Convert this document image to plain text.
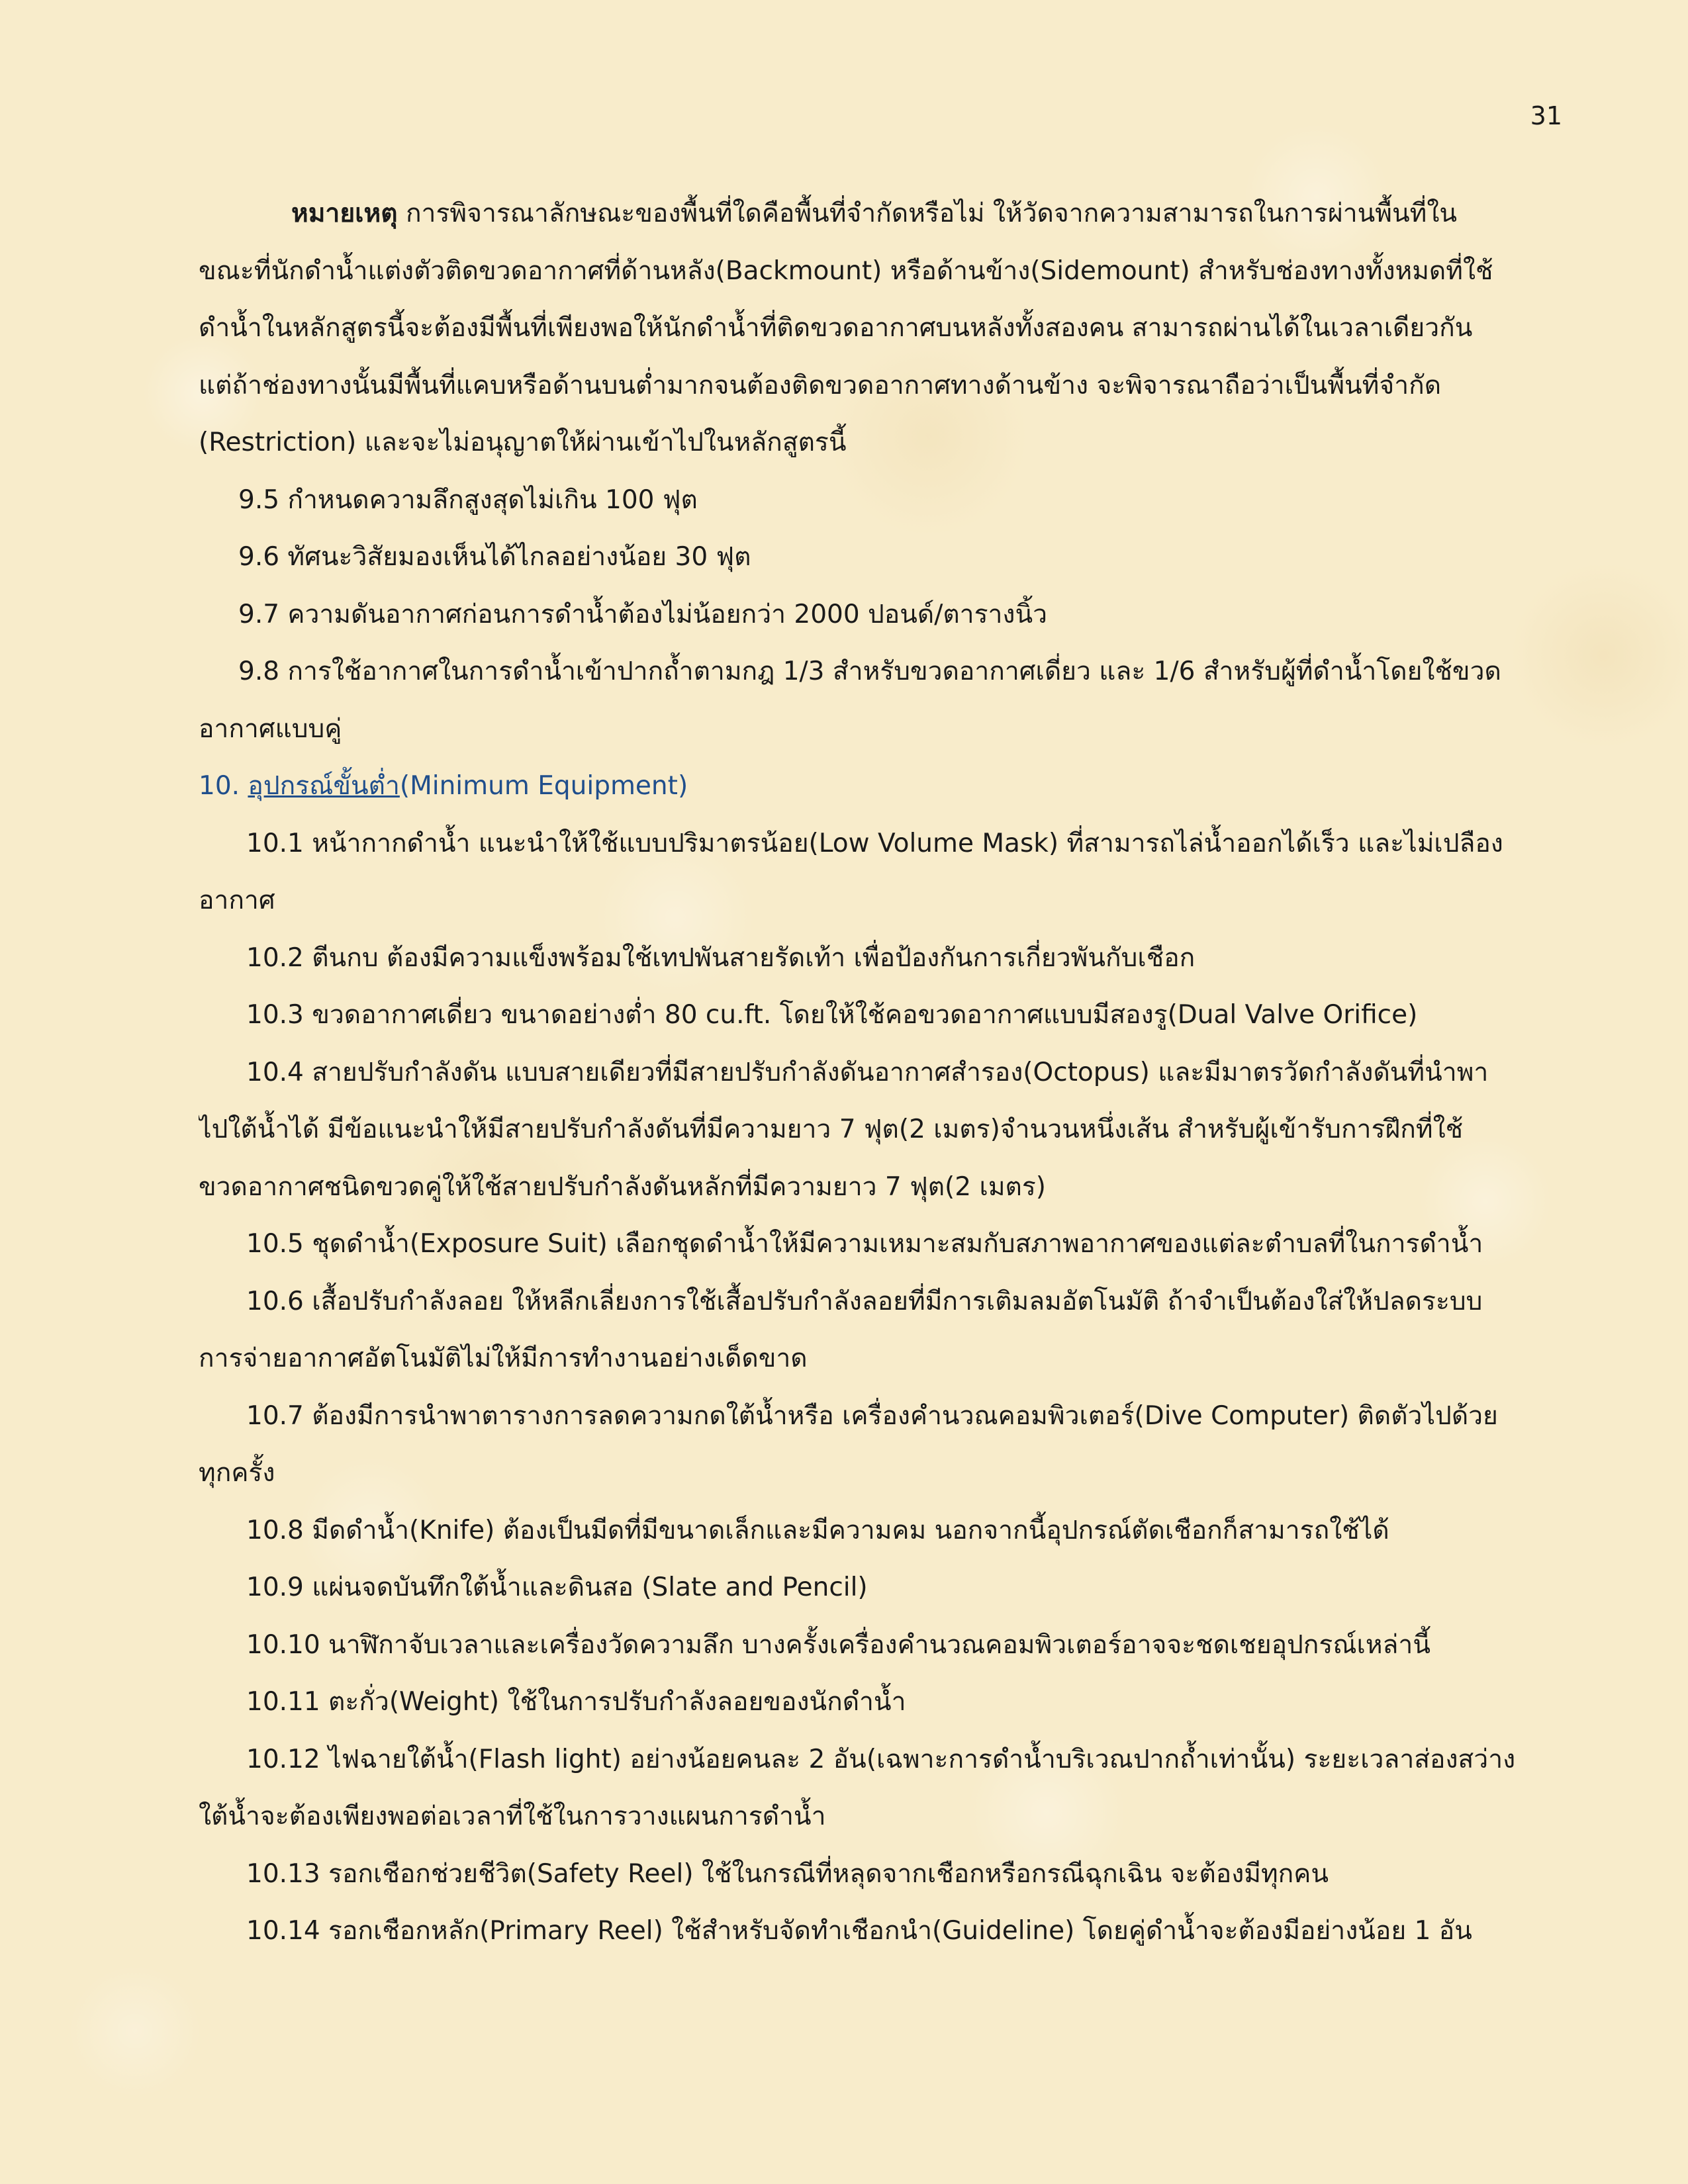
31

หมายเหตุ การพิจารณาลักษณะของพื้นที่ใดคือพื้นที่จำกัดหรือไม่ ให้วัดจากความสามารถในการผ่านพื้นที่ใน

ขณะที่นักดำน้ำแต่งตัวติดขวดอากาศที่ด้านหลัง(Backmount) หรือด้านข้าง(Sidemount) สำหรับช่องทางทั้งหมดที่ใช้

ดำน้ำในหลักสูตรนี้จะต้องมีพื้นที่เพียงพอให้นักดำน้ำที่ติดขวดอากาศบนหลังทั้งสองคน สามารถผ่านได้ในเวลาเดียวกัน

แต่ถ้าช่องทางนั้นมีพื้นที่แคบหรือด้านบนต่ำมากจนต้องติดขวดอากาศทางด้านข้าง จะพิจารณาถือว่าเป็นพื้นที่จำกัด

(Restriction) และจะไม่อนุญาตให้ผ่านเข้าไปในหลักสูตรนี้

9.5 กำหนดความลึกสูงสุดไม่เกิน 100 ฟุต

9.6 ทัศนะวิสัยมองเห็นได้ไกลอย่างน้อย 30 ฟุต

9.7 ความดันอากาศก่อนการดำน้ำต้องไม่น้อยกว่า 2000 ปอนด์/ตารางนิ้ว

9.8 การใช้อากาศในการดำน้ำเข้าปากถ้ำตามกฎ 1/3 สำหรับขวดอากาศเดี่ยว และ 1/6 สำหรับผู้ที่ดำน้ำโดยใช้ขวด

อากาศแบบคู่

10. อุปกรณ์ขั้นต่ำ(Minimum Equipment)

10.1 หน้ากากดำน้ำ แนะนำให้ใช้แบบปริมาตรน้อย(Low Volume Mask) ที่สามารถไล่น้ำออกได้เร็ว และไม่เปลือง

อากาศ

10.2 ตีนกบ ต้องมีความแข็งพร้อมใช้เทปพันสายรัดเท้า เพื่อป้องกันการเกี่ยวพันกับเชือก

10.3 ขวดอากาศเดี่ยว ขนาดอย่างต่ำ 80 cu.ft. โดยให้ใช้คอขวดอากาศแบบมีสองรู(Dual Valve Orifice)

10.4 สายปรับกำลังดัน แบบสายเดียวที่มีสายปรับกำลังดันอากาศสำรอง(Octopus) และมีมาตรวัดกำลังดันที่นำพา

ไปใต้น้ำได้ มีข้อแนะนำให้มีสายปรับกำลังดันที่มีความยาว 7 ฟุต(2 เมตร)จำนวนหนึ่งเส้น สำหรับผู้เข้ารับการฝึกที่ใช้

ขวดอากาศชนิดขวดคู่ให้ใช้สายปรับกำลังดันหลักที่มีความยาว 7 ฟุต(2 เมตร)

10.5 ชุดดำน้ำ(Exposure Suit) เลือกชุดดำน้ำให้มีความเหมาะสมกับสภาพอากาศของแต่ละตำบลที่ในการดำน้ำ

10.6 เสื้อปรับกำลังลอย ให้หลีกเลี่ยงการใช้เสื้อปรับกำลังลอยที่มีการเติมลมอัตโนมัติ ถ้าจำเป็นต้องใส่ให้ปลดระบบ

การจ่ายอากาศอัตโนมัติไม่ให้มีการทำงานอย่างเด็ดขาด

10.7 ต้องมีการนำพาตารางการลดความกดใต้น้ำหรือ เครื่องคำนวณคอมพิวเตอร์(Dive Computer) ติดตัวไปด้วย

ทุกครั้ง

10.8 มีดดำน้ำ(Knife) ต้องเป็นมีดที่มีขนาดเล็กและมีความคม นอกจากนี้อุปกรณ์ตัดเชือกก็สามารถใช้ได้

10.9 แผ่นจดบันทึกใต้น้ำและดินสอ (Slate and Pencil)

10.10 นาฬิกาจับเวลาและเครื่องวัดความลึก บางครั้งเครื่องคำนวณคอมพิวเตอร์อาจจะชดเชยอุปกรณ์เหล่านี้

10.11 ตะกั่ว(Weight) ใช้ในการปรับกำลังลอยของนักดำน้ำ

10.12 ไฟฉายใต้น้ำ(Flash light) อย่างน้อยคนละ 2 อัน(เฉพาะการดำน้ำบริเวณปากถ้ำเท่านั้น) ระยะเวลาส่องสว่าง

ใต้น้ำจะต้องเพียงพอต่อเวลาที่ใช้ในการวางแผนการดำน้ำ

10.13 รอกเชือกช่วยชีวิต(Safety Reel) ใช้ในกรณีที่หลุดจากเชือกหรือกรณีฉุกเฉิน จะต้องมีทุกคน

10.14 รอกเชือกหลัก(Primary Reel) ใช้สำหรับจัดทำเชือกนำ(Guideline) โดยคู่ดำน้ำจะต้องมีอย่างน้อย 1 อัน
